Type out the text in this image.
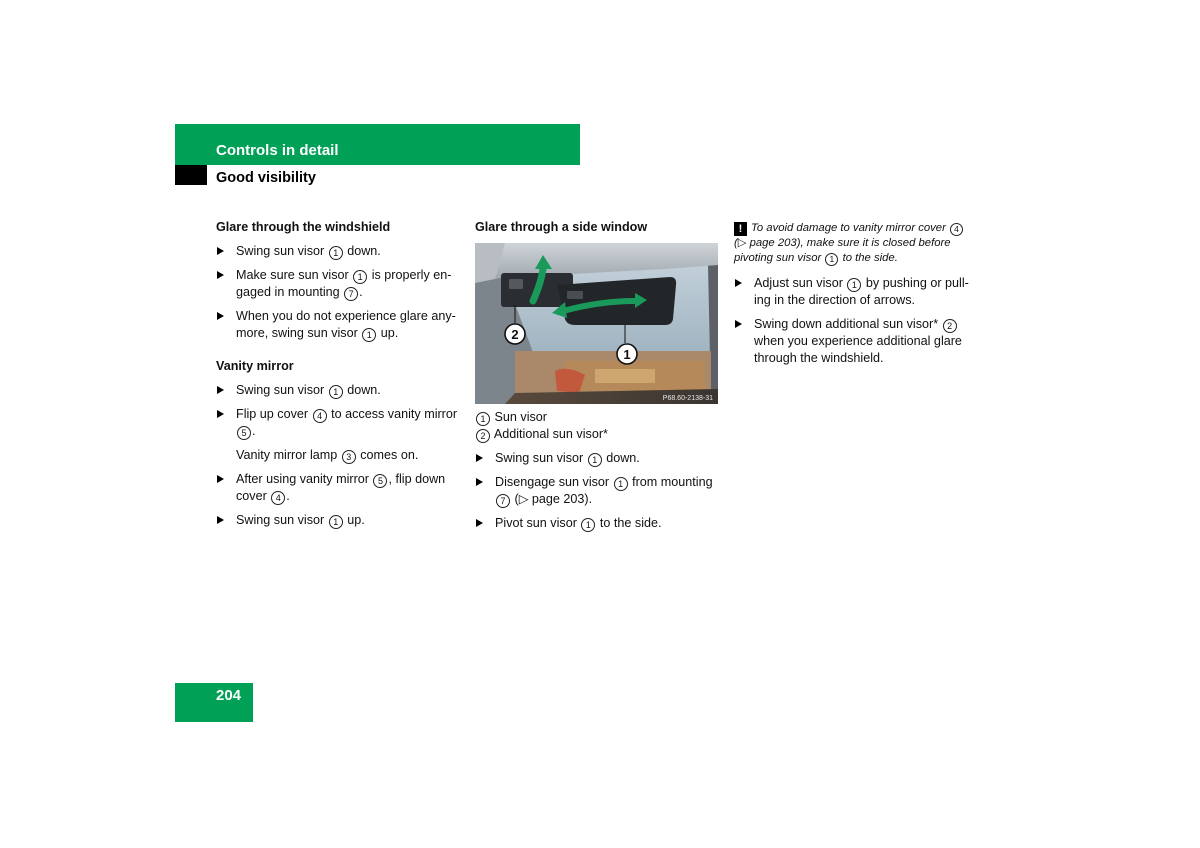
Controls in detail
Good visibility
Glare through the windshield
Swing sun visor 1 down.
Make sure sun visor 1 is properly en-gaged in mounting 7 .
When you do not experience glare any-more, swing sun visor 1 up.
Vanity mirror
Swing sun visor 1 down.
Flip up cover 4 to access vanity mirror 5 .
Vanity mirror lamp 3 comes on.
After using vanity mirror 5 , flip down cover 4 .
Swing sun visor 1 up.
Glare through a side window
2
1
P68.60-2138-31
1 Sun visor
2 Additional sun visor*
Swing sun visor 1 down.
Disengage sun visor 1 from mounting 7 (▷ page 203).
Pivot sun visor 1 to the side.
! To avoid damage to vanity mirror cover 4 (▷ page 203), make sure it is closed before pivoting sun visor 1 to the side.
Adjust sun visor 1 by pushing or pull-ing in the direction of arrows.
Swing down additional sun visor* 2 when you experience additional glare through the windshield.
204
